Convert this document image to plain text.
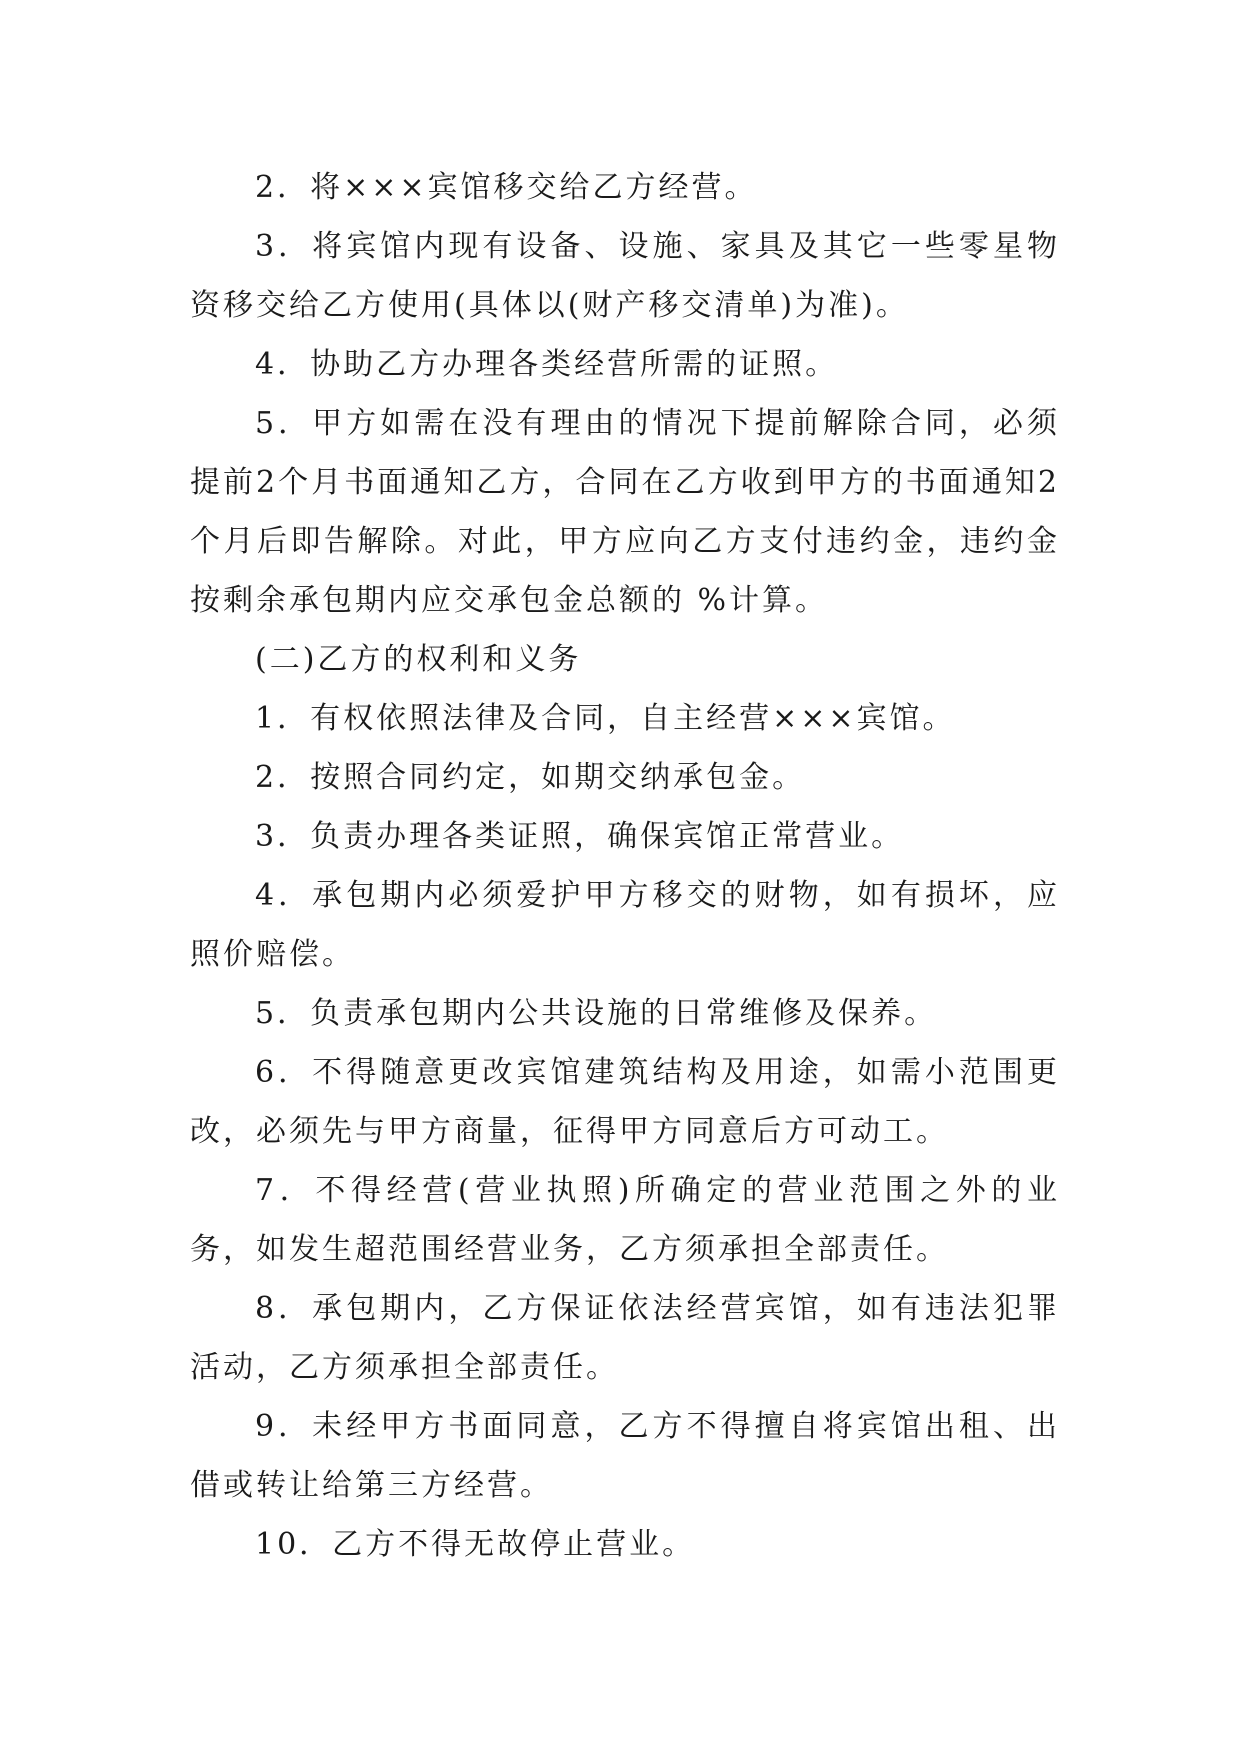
2．将×××宾馆移交给乙方经营。

3．将宾馆内现有设备、设施、家具及其它一些零星物资移交给乙方使用(具体以(财产移交清单)为准)。

4．协助乙方办理各类经营所需的证照。

5．甲方如需在没有理由的情况下提前解除合同，必须提前2个月书面通知乙方，合同在乙方收到甲方的书面通知2个月后即告解除。对此，甲方应向乙方支付违约金，违约金按剩余承包期内应交承包金总额的 %计算。

(二)乙方的权利和义务

1．有权依照法律及合同，自主经营×××宾馆。

2．按照合同约定，如期交纳承包金。

3．负责办理各类证照，确保宾馆正常营业。

4．承包期内必须爱护甲方移交的财物，如有损坏，应照价赔偿。

5．负责承包期内公共设施的日常维修及保养。

6．不得随意更改宾馆建筑结构及用途，如需小范围更改，必须先与甲方商量，征得甲方同意后方可动工。

7．不得经营(营业执照)所确定的营业范围之外的业务，如发生超范围经营业务，乙方须承担全部责任。

8．承包期内，乙方保证依法经营宾馆，如有违法犯罪活动，乙方须承担全部责任。

9．未经甲方书面同意，乙方不得擅自将宾馆出租、出借或转让给第三方经营。

10．乙方不得无故停止营业。
